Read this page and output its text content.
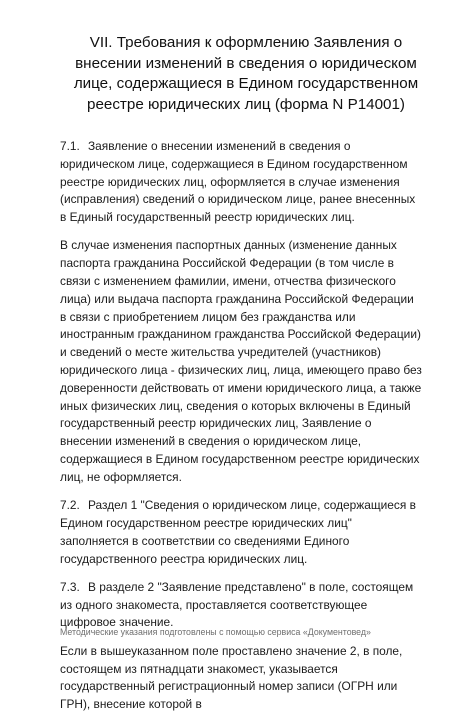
VII. Требования к оформлению Заявления о внесении изменений в сведения о юридическом лице, содержащиеся в Едином государственном реестре юридических лиц (форма N Р14001)

7.1. Заявление о внесении изменений в сведения о юридическом лице, содержащиеся в Едином государственном реестре юридических лиц, оформляется в случае изменения (исправления) сведений о юридическом лице, ранее внесенных в Единый государственный реестр юридических лиц.

В случае изменения паспортных данных (изменение данных паспорта гражданина Российской Федерации (в том числе в связи с изменением фамилии, имени, отчества физического лица) или выдача паспорта гражданина Российской Федерации в связи с приобретением лицом без гражданства или иностранным гражданином гражданства Российской Федерации) и сведений о месте жительства учредителей (участников) юридического лица - физических лиц, лица, имеющего право без доверенности действовать от имени юридического лица, а также иных физических лиц, сведения о которых включены в Единый государственный реестр юридических лиц, Заявление о внесении изменений в сведения о юридическом лице, содержащиеся в Едином государственном реестре юридических лиц, не оформляется.

7.2. Раздел 1 "Сведения о юридическом лице, содержащиеся в Едином государственном реестре юридических лиц" заполняется в соответствии со сведениями Единого государственного реестра юридических лиц.

7.3. В разделе 2 "Заявление представлено" в поле, состоящем из одного знакоместа, проставляется соответствующее цифровое значение.

Если в вышеуказанном поле проставлено значение 2, в поле, состоящем из пятнадцати знакомест, указывается государственный регистрационный номер записи (ОГРН или ГРН), внесение которой в

Методические указания подготовлены с помощью сервиса «Документовед»
